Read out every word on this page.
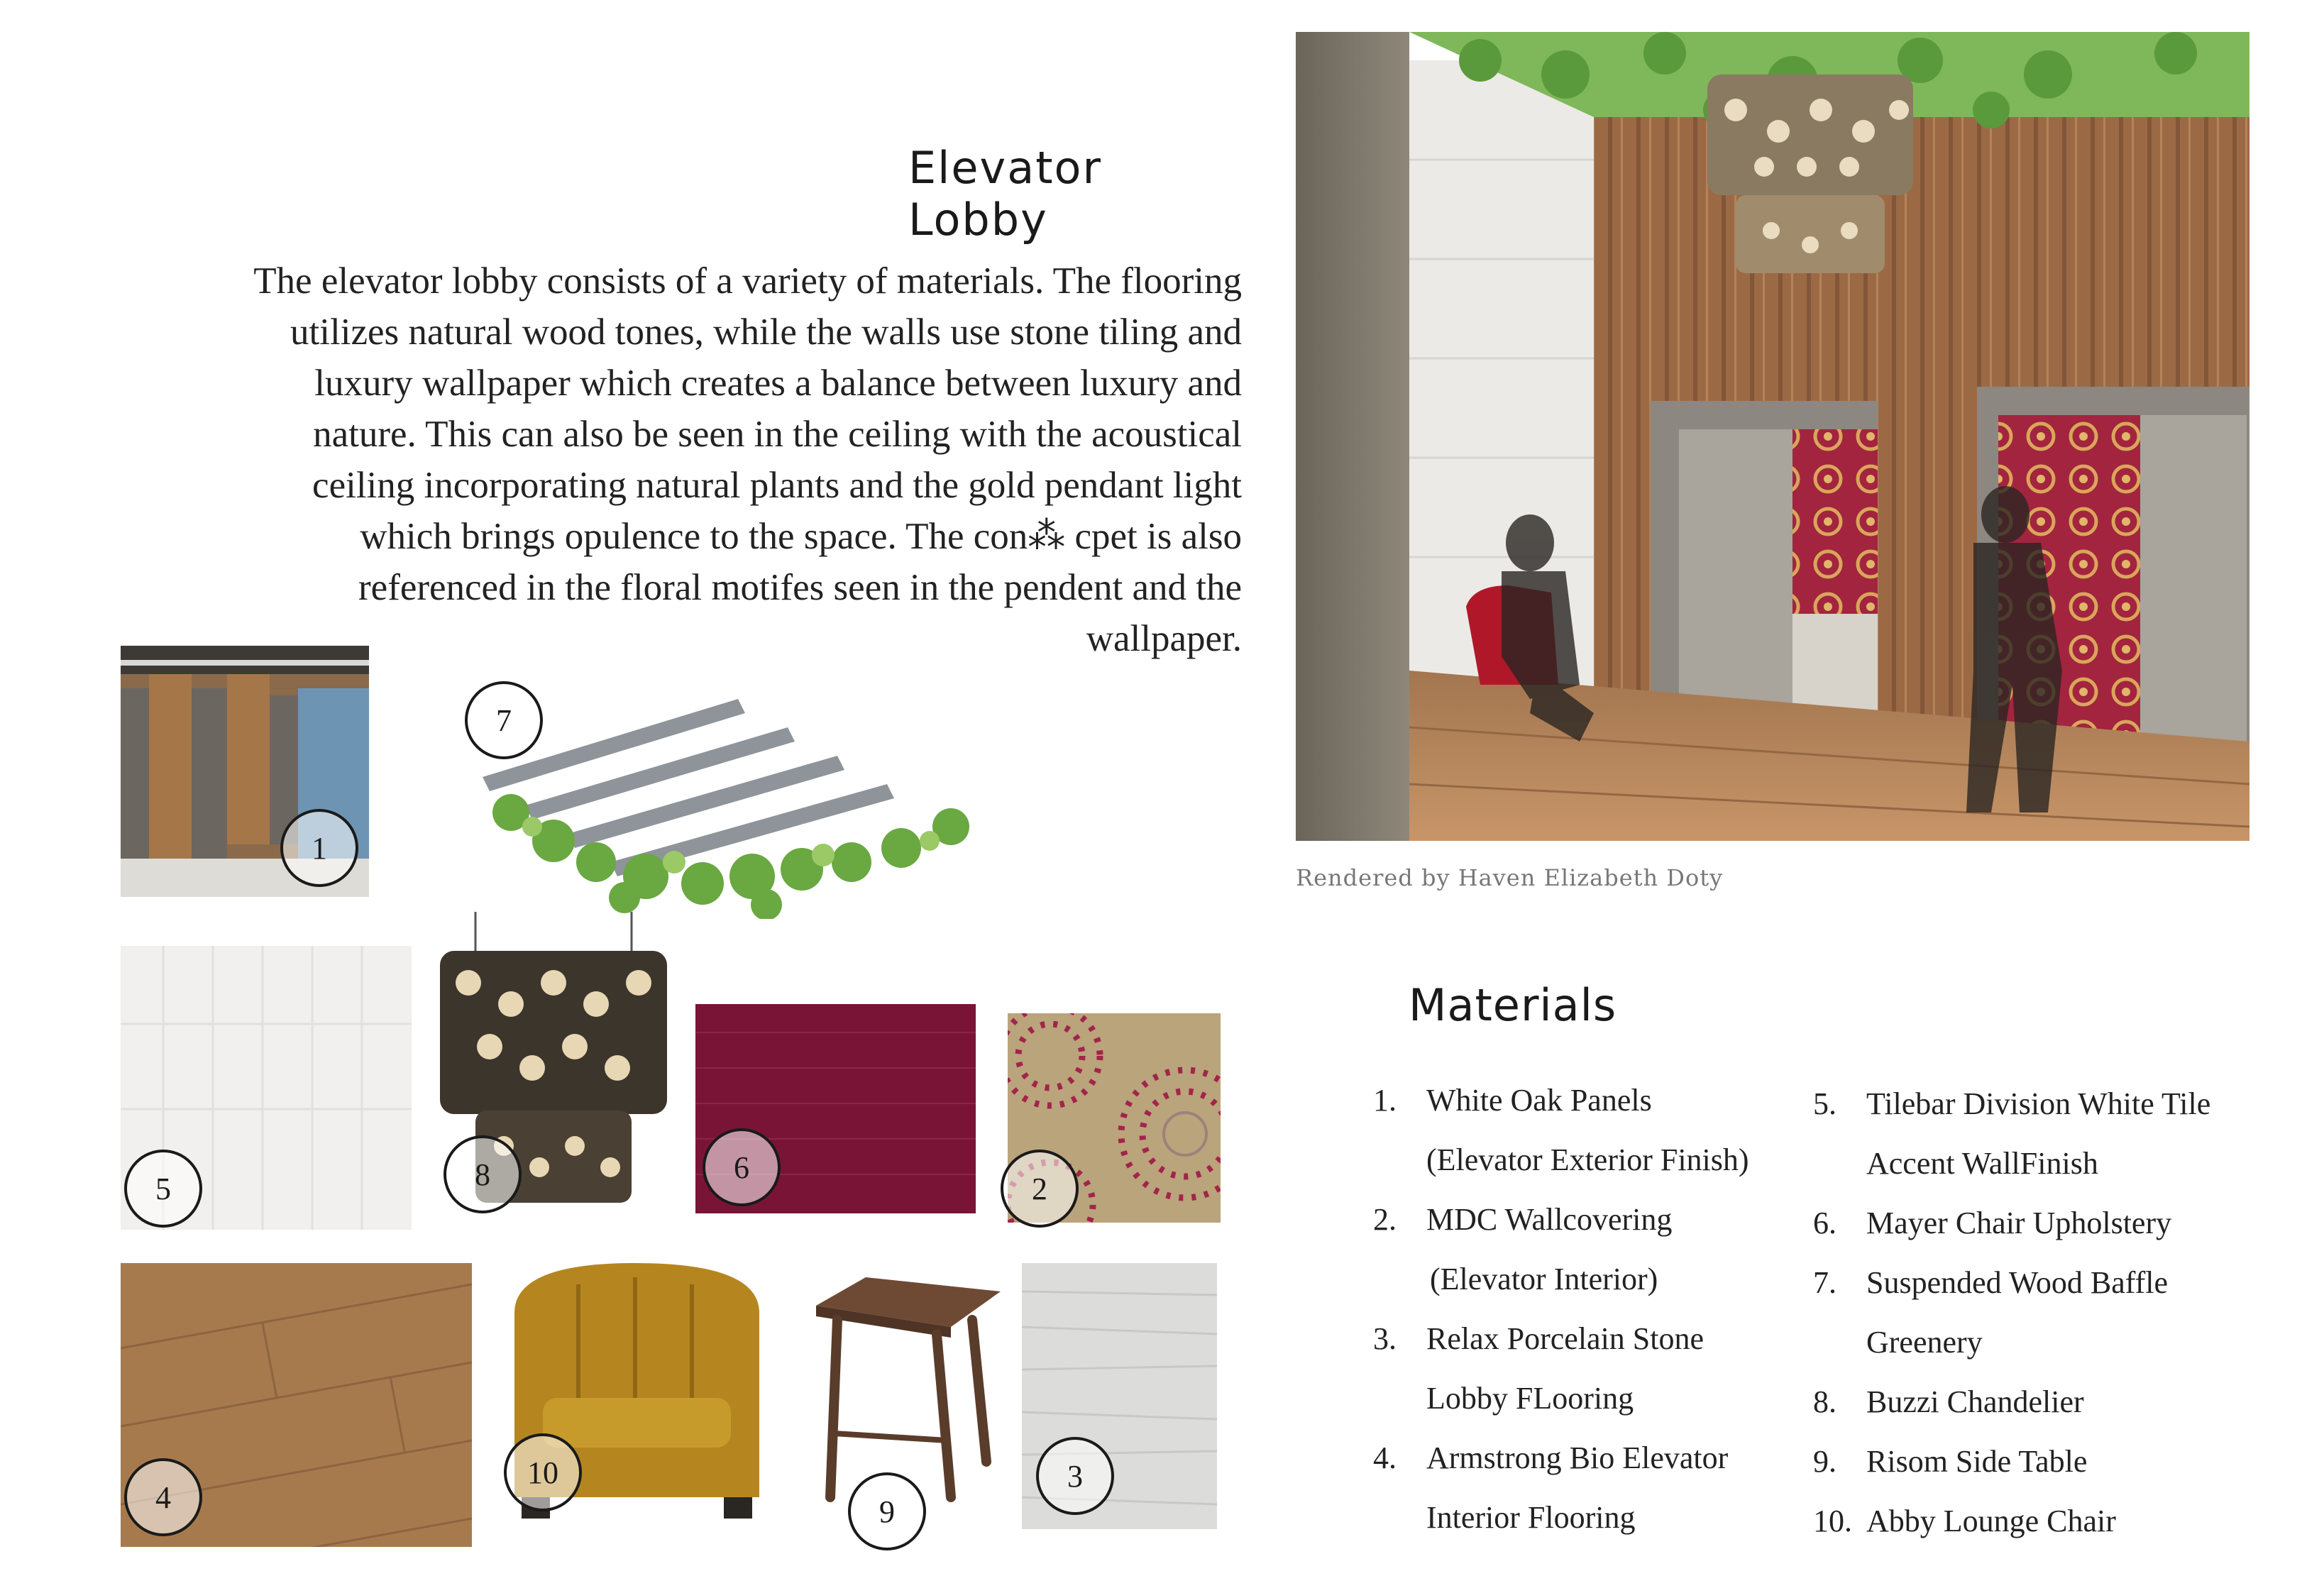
Elevator Lobby
The elevator lobby consists of a variety of materials. The flooring utilizes natural wood tones, while the walls use stone tiling and luxury wallpaper which creates a balance between luxury and nature. This can also be seen in the ceiling with the acoustical ceiling incorporating natural plants and the gold pendant light which brings opulence to the space. The con⁂ cpet is also referenced in the floral motifes seen in the pendent and the wallpaper.
Rendered by Haven Elizabeth Doty
1
7
5	8	6
2
4
10
9
3
Materials
1. White Oak Panels
(Elevator Exterior Finish)
2. MDC Wallcovering
(Elevator Interior)
3. Relax Porcelain Stone
Lobby FLooring
4. Armstrong Bio Elevator
Interior Flooring
5. Tilebar Division White Tile
Accent WallFinish
6. Mayer Chair Upholstery
7. Suspended Wood Baffle
Greenery
8. Buzzi Chandelier
9. Risom Side Table
10. Abby Lounge Chair
